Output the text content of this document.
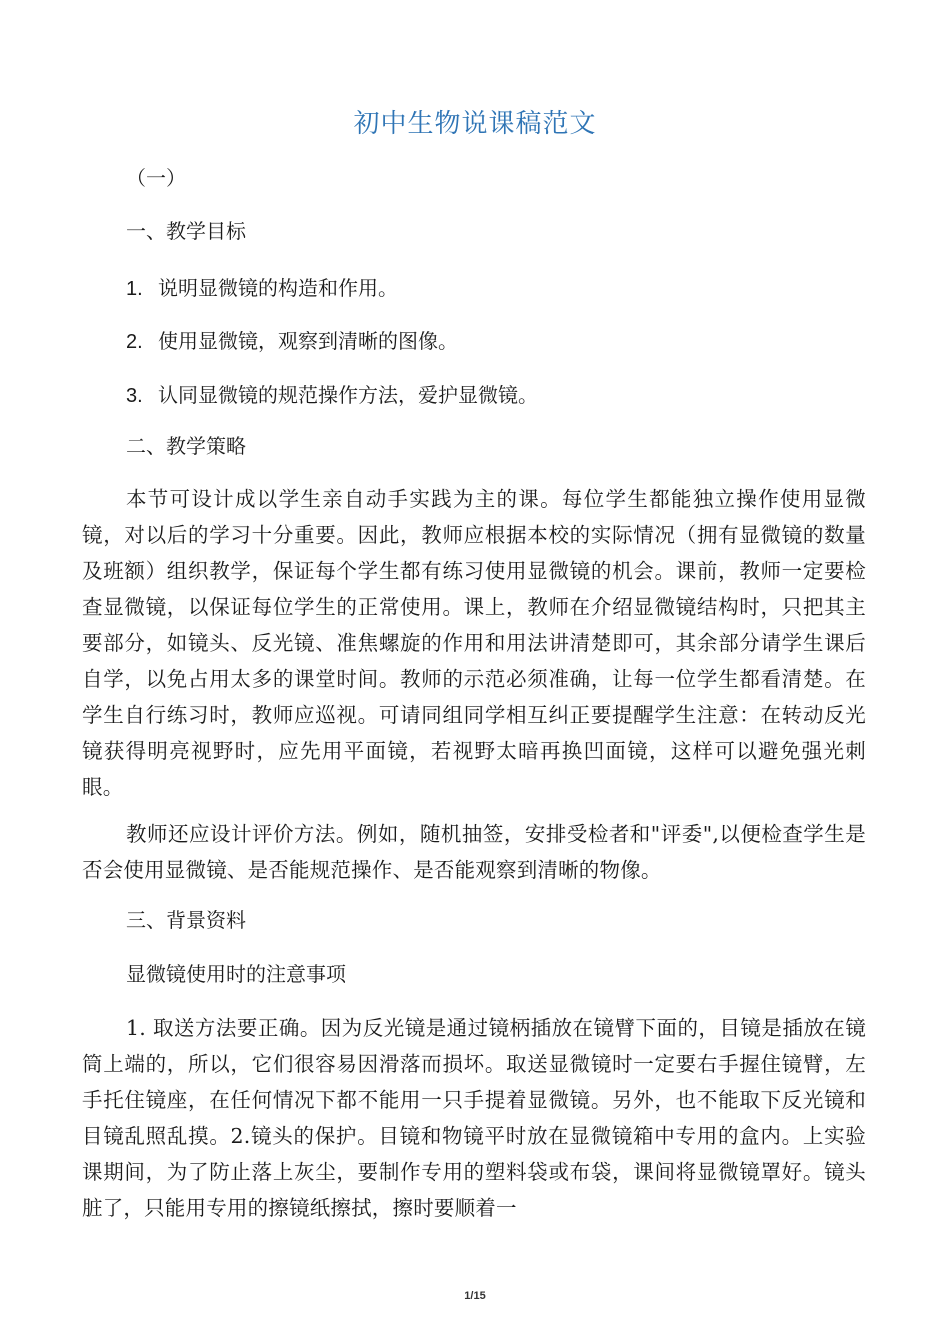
初中生物说课稿范文

（一）

一、教学目标

1. 说明显微镜的构造和作用。

2. 使用显微镜，观察到清晰的图像。

3. 认同显微镜的规范操作方法，爱护显微镜。

二、教学策略

本节可设计成以学生亲自动手实践为主的课。每位学生都能独立操作使用显微镜，对以后的学习十分重要。因此，教师应根据本校的实际情况（拥有显微镜的数量及班额）组织教学，保证每个学生都有练习使用显微镜的机会。课前，教师一定要检查显微镜，以保证每位学生的正常使用。课上，教师在介绍显微镜结构时，只把其主要部分，如镜头、反光镜、准焦螺旋的作用和用法讲清楚即可，其余部分请学生课后自学，以免占用太多的课堂时间。教师的示范必须准确，让每一位学生都看清楚。在学生自行练习时，教师应巡视。可请同组同学相互纠正要提醒学生注意：在转动反光镜获得明亮视野时，应先用平面镜，若视野太暗再换凹面镜，这样可以避免强光刺眼。

教师还应设计评价方法。例如，随机抽签，安排受检者和"评委",以便检查学生是否会使用显微镜、是否能规范操作、是否能观察到清晰的物像。

三、背景资料

显微镜使用时的注意事项

1. 取送方法要正确。因为反光镜是通过镜柄插放在镜臂下面的，目镜是插放在镜筒上端的，所以，它们很容易因滑落而损坏。取送显微镜时一定要右手握住镜臂，左手托住镜座，在任何情况下都不能用一只手提着显微镜。另外，也不能取下反光镜和目镜乱照乱摸。2.镜头的保护。目镜和物镜平时放在显微镜箱中专用的盒内。上实验课期间，为了防止落上灰尘，要制作专用的塑料袋或布袋，课间将显微镜罩好。镜头脏了，只能用专用的擦镜纸擦拭，擦时要顺着一

1/15
